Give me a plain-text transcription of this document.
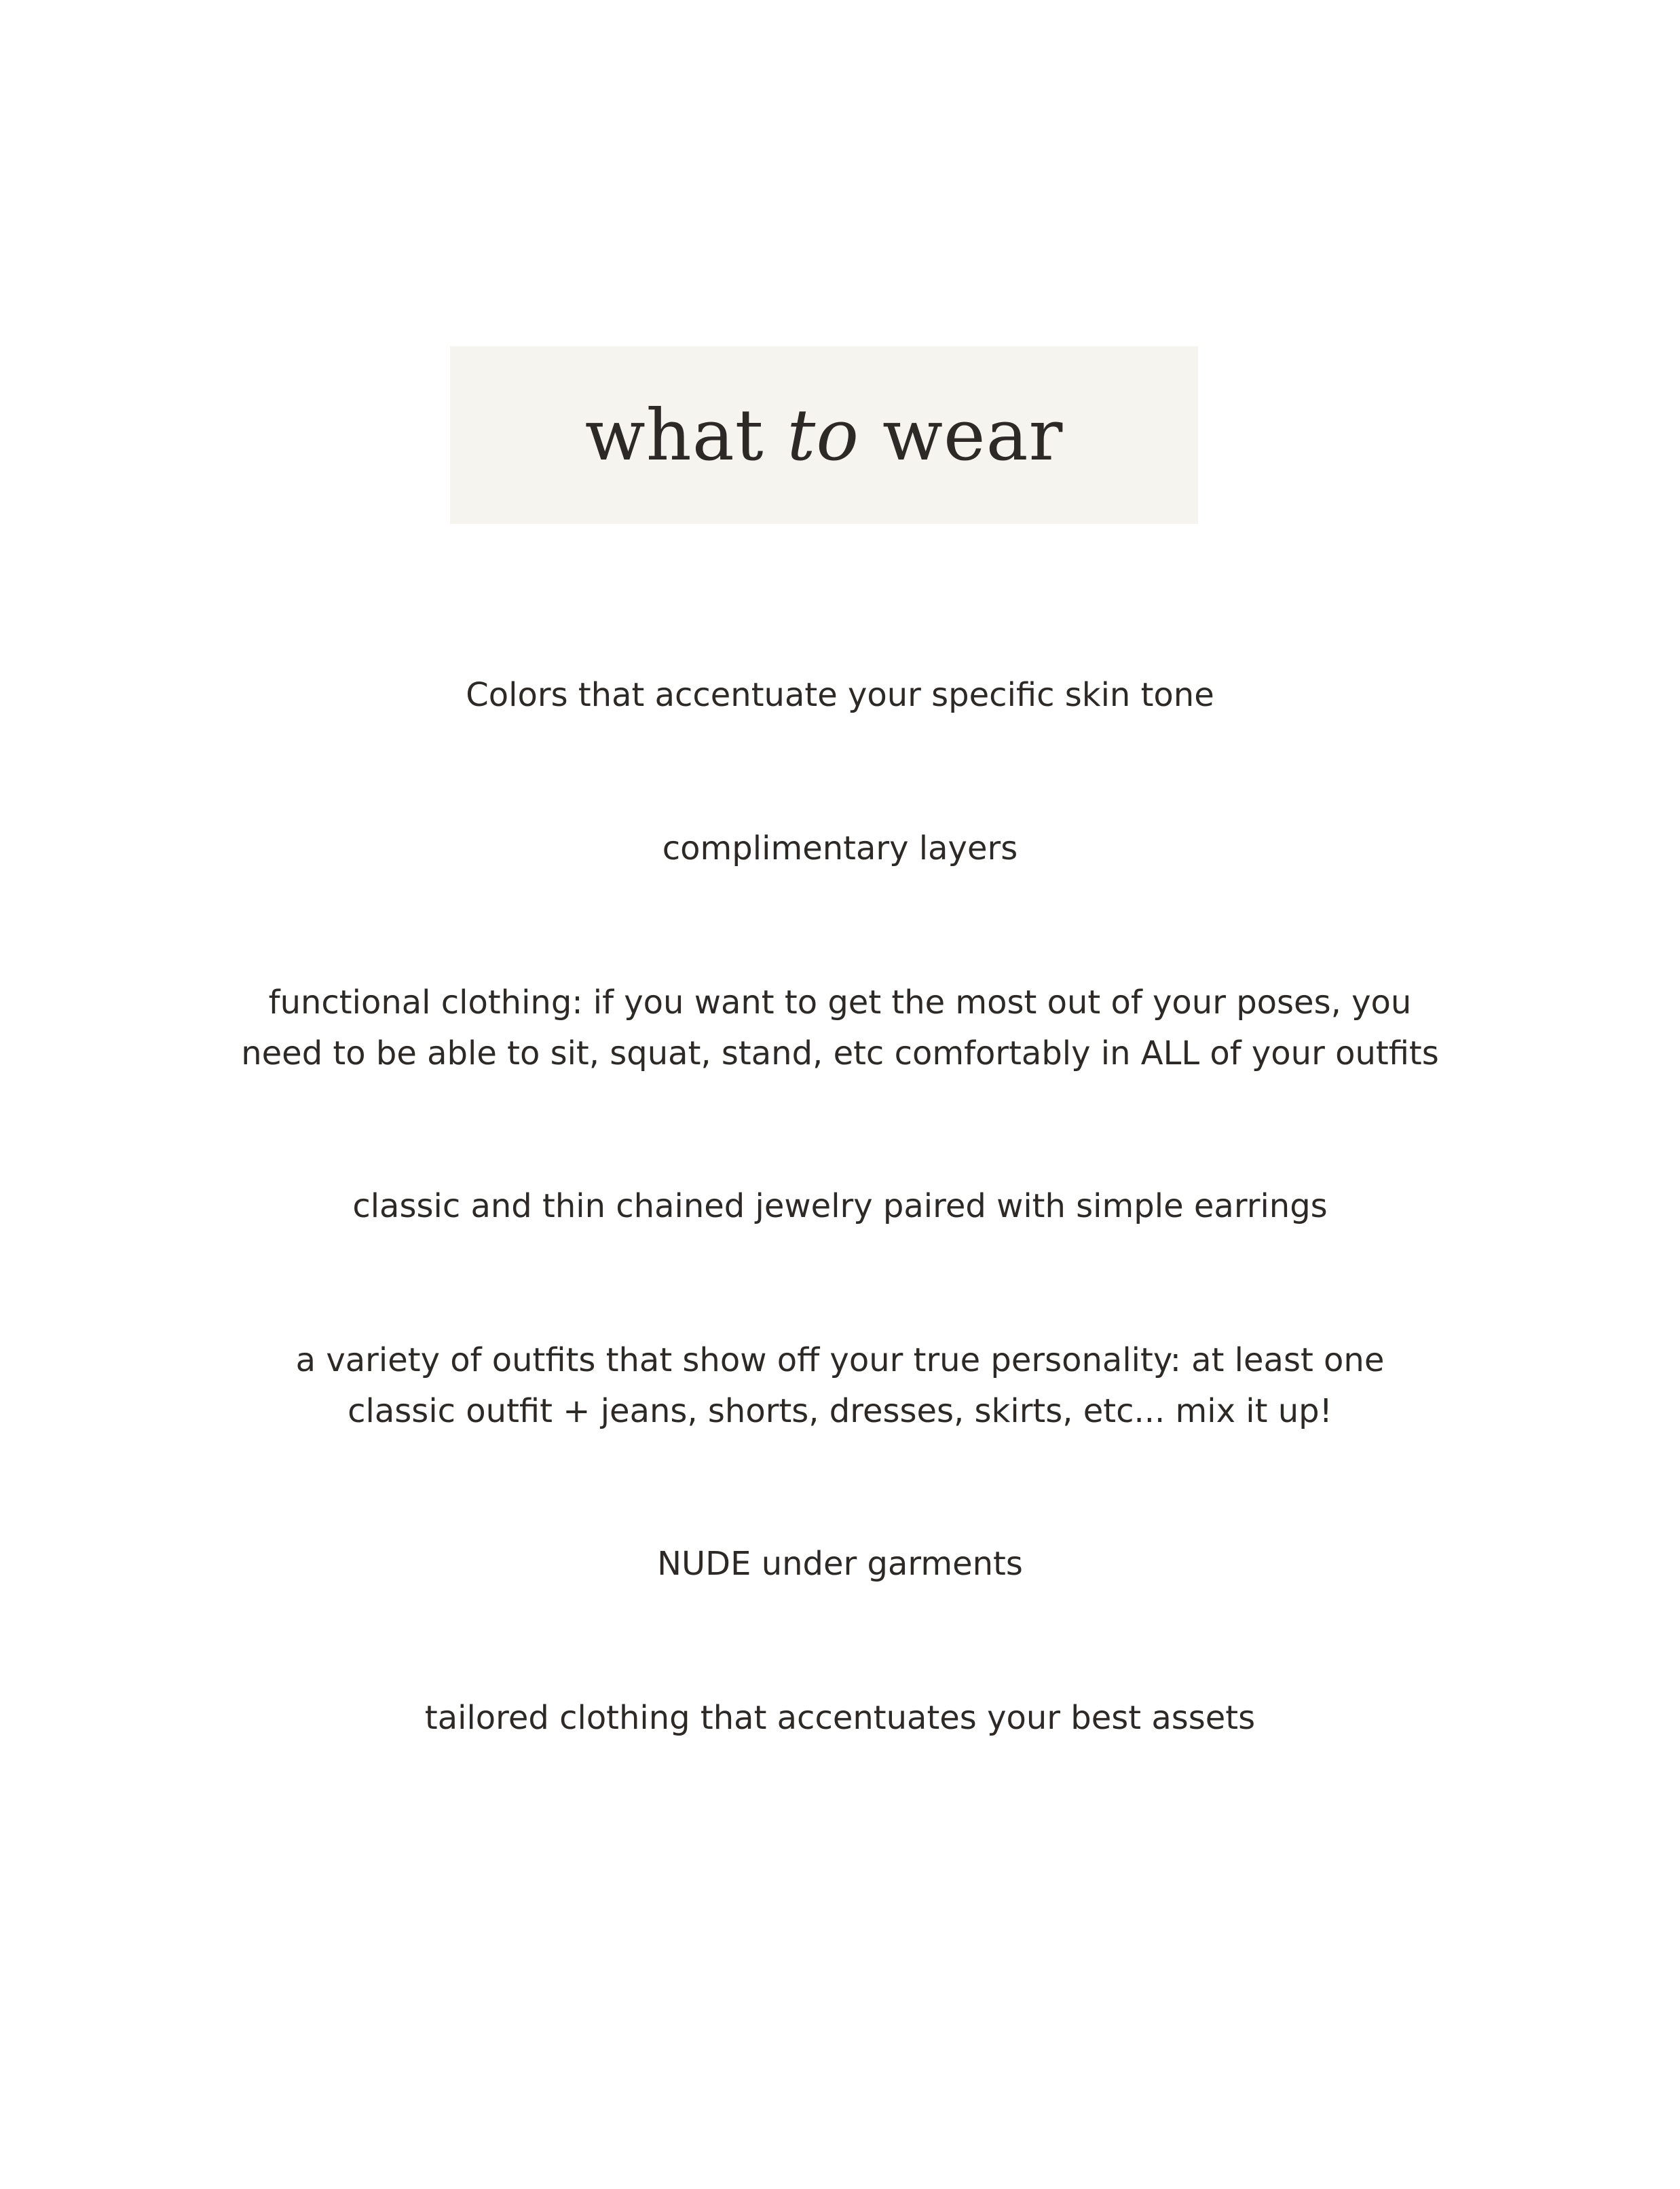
what to wear

Colors that accentuate your specific skin tone

complimentary layers

functional clothing: if you want to get the most out of your poses, you
need to be able to sit, squat, stand, etc comfortably in ALL of your outfits

classic and thin chained jewelry paired with simple earrings

a variety of outfits that show off your true personality: at least one
classic outfit + jeans, shorts, dresses, skirts, etc... mix it up!

NUDE under garments

tailored clothing that accentuates your best assets
